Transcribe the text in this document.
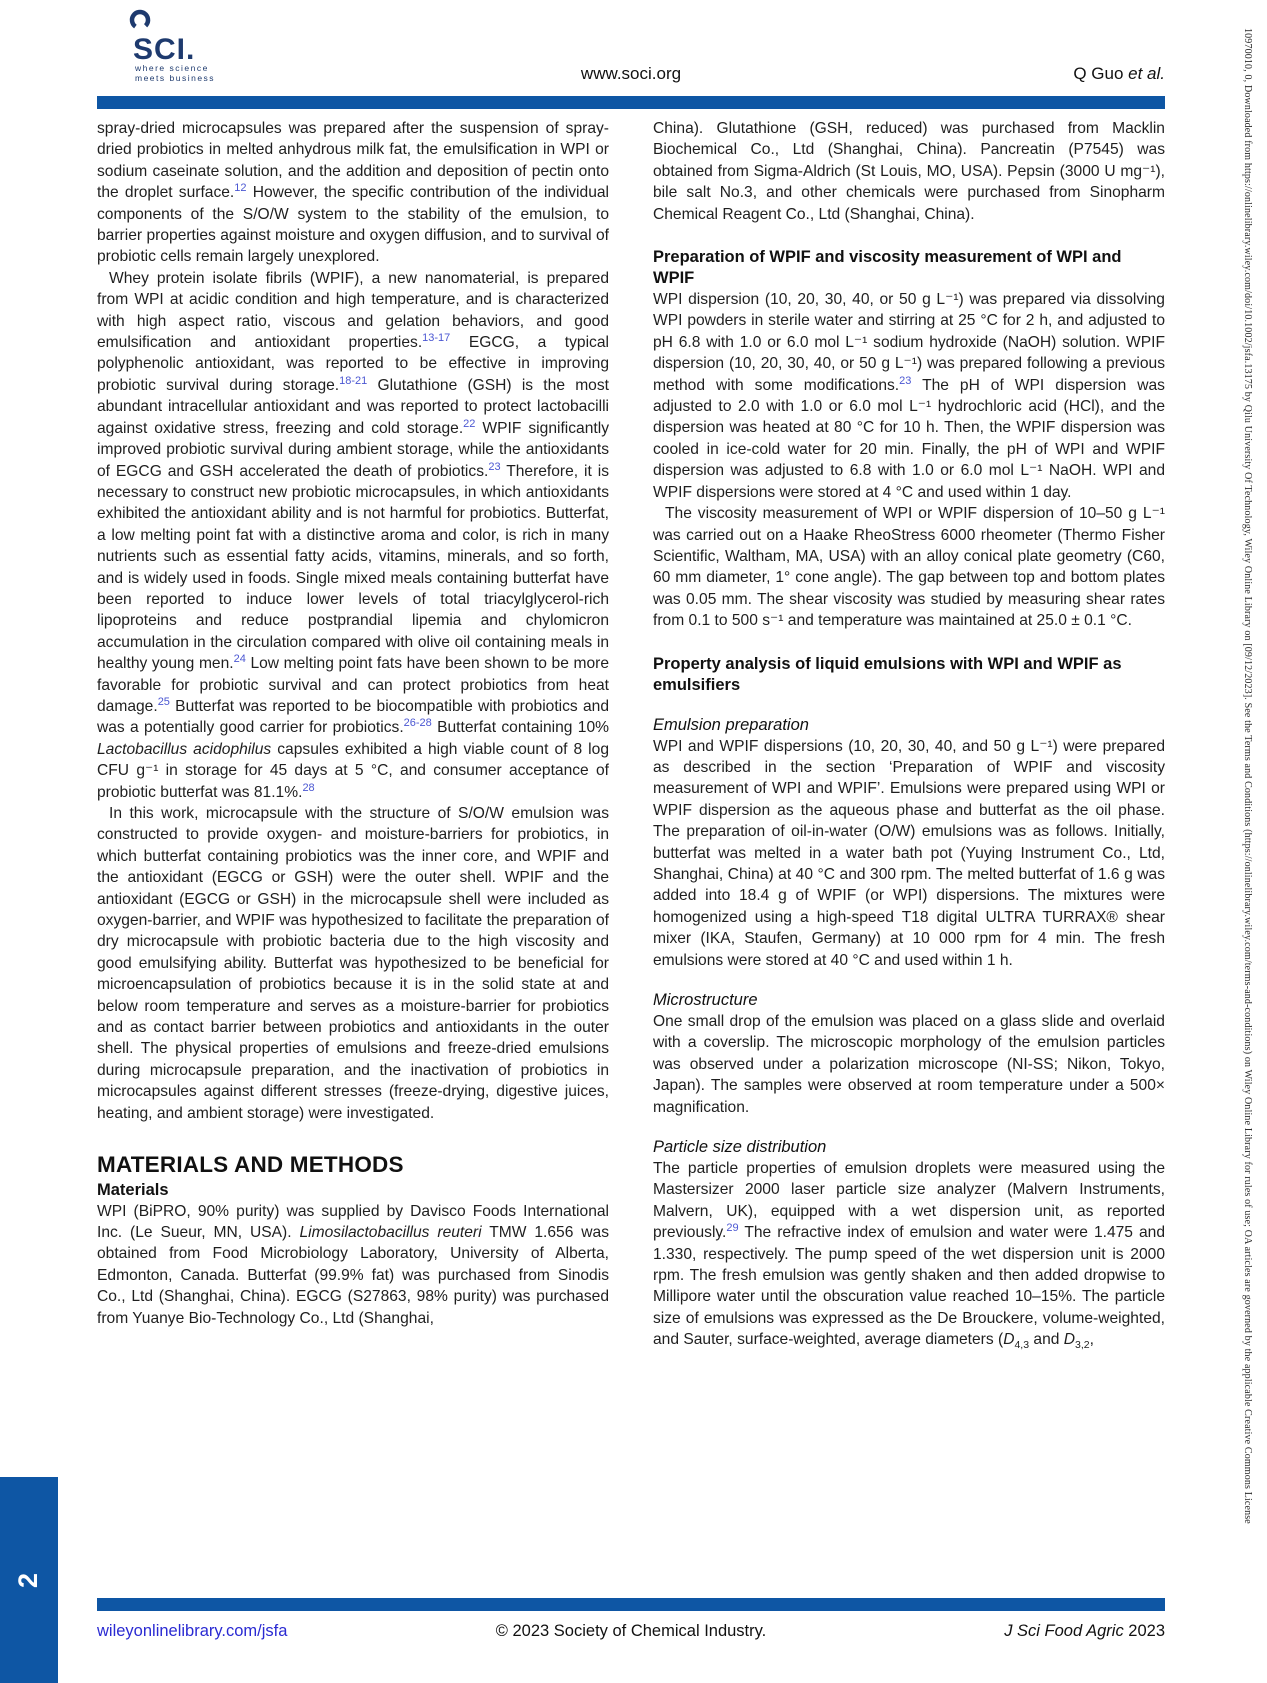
SCI.
where science
meets business	www.soci.org	Q Guo et al.

spray-dried microcapsules was prepared after the suspension of spray-dried probiotics in melted anhydrous milk fat, the emulsification in WPI or sodium caseinate solution, and the addition and deposition of pectin onto the droplet surface.$^{12}$ However, the specific contribution of the individual components of the S/O/W system to the stability of the emulsion, to barrier properties against moisture and oxygen diffusion, and to survival of probiotic cells remain largely unexplored.

Whey protein isolate fibrils (WPIF), a new nanomaterial, is prepared from WPI at acidic condition and high temperature, and is characterized with high aspect ratio, viscous and gelation behaviors, and good emulsification and antioxidant properties.$^{13-17}$ EGCG, a typical polyphenolic antioxidant, was reported to be effective in improving probiotic survival during storage.$^{18-21}$ Glutathione (GSH) is the most abundant intracellular antioxidant and was reported to protect lactobacilli against oxidative stress, freezing and cold storage.$^{22}$ WPIF significantly improved probiotic survival during ambient storage, while the antioxidants of EGCG and GSH accelerated the death of probiotics.$^{23}$ Therefore, it is necessary to construct new probiotic microcapsules, in which antioxidants exhibited the antioxidant ability and is not harmful for probiotics. Butterfat, a low melting point fat with a distinctive aroma and color, is rich in many nutrients such as essential fatty acids, vitamins, minerals, and so forth, and is widely used in foods. Single mixed meals containing butterfat have been reported to induce lower levels of total triacylglycerol-rich lipoproteins and reduce postprandial lipemia and chylomicron accumulation in the circulation compared with olive oil containing meals in healthy young men.$^{24}$ Low melting point fats have been shown to be more favorable for probiotic survival and can protect probiotics from heat damage.$^{25}$ Butterfat was reported to be biocompatible with probiotics and was a potentially good carrier for probiotics.$^{26-28}$ Butterfat containing 10% Lactobacillus acidophilus capsules exhibited a high viable count of 8 log CFU g⁻¹ in storage for 45 days at 5 °C, and consumer acceptance of probiotic butterfat was 81.1%.$^{28}$

In this work, microcapsule with the structure of S/O/W emulsion was constructed to provide oxygen- and moisture-barriers for probiotics, in which butterfat containing probiotics was the inner core, and WPIF and the antioxidant (EGCG or GSH) were the outer shell. WPIF and the antioxidant (EGCG or GSH) in the microcapsule shell were included as oxygen-barrier, and WPIF was hypothesized to facilitate the preparation of dry microcapsule with probiotic bacteria due to the high viscosity and good emulsifying ability. Butterfat was hypothesized to be beneficial for microencapsulation of probiotics because it is in the solid state at and below room temperature and serves as a moisture-barrier for probiotics and as contact barrier between probiotics and antioxidants in the outer shell. The physical properties of emulsions and freeze-dried emulsions during microcapsule preparation, and the inactivation of probiotics in microcapsules against different stresses (freeze-drying, digestive juices, heating, and ambient storage) were investigated.

MATERIALS AND METHODS
Materials

WPI (BiPRO, 90% purity) was supplied by Davisco Foods International Inc. (Le Sueur, MN, USA). Limosilactobacillus reuteri TMW 1.656 was obtained from Food Microbiology Laboratory, University of Alberta, Edmonton, Canada. Butterfat (99.9% fat) was purchased from Sinodis Co., Ltd (Shanghai, China). EGCG (S27863, 98% purity) was purchased from Yuanye Bio-Technology Co., Ltd (Shanghai,

China). Glutathione (GSH, reduced) was purchased from Macklin Biochemical Co., Ltd (Shanghai, China). Pancreatin (P7545) was obtained from Sigma-Aldrich (St Louis, MO, USA). Pepsin (3000 U mg⁻¹), bile salt No.3, and other chemicals were purchased from Sinopharm Chemical Reagent Co., Ltd (Shanghai, China).

Preparation of WPIF and viscosity measurement of WPI and WPIF

WPI dispersion (10, 20, 30, 40, or 50 g L⁻¹) was prepared via dissolving WPI powders in sterile water and stirring at 25 °C for 2 h, and adjusted to pH 6.8 with 1.0 or 6.0 mol L⁻¹ sodium hydroxide (NaOH) solution. WPIF dispersion (10, 20, 30, 40, or 50 g L⁻¹) was prepared following a previous method with some modifications.$^{23}$ The pH of WPI dispersion was adjusted to 2.0 with 1.0 or 6.0 mol L⁻¹ hydrochloric acid (HCl), and the dispersion was heated at 80 °C for 10 h. Then, the WPIF dispersion was cooled in ice-cold water for 20 min. Finally, the pH of WPI and WPIF dispersion was adjusted to 6.8 with 1.0 or 6.0 mol L⁻¹ NaOH. WPI and WPIF dispersions were stored at 4 °C and used within 1 day.

The viscosity measurement of WPI or WPIF dispersion of 10–50 g L⁻¹ was carried out on a Haake RheoStress 6000 rheometer (Thermo Fisher Scientific, Waltham, MA, USA) with an alloy conical plate geometry (C60, 60 mm diameter, 1° cone angle). The gap between top and bottom plates was 0.05 mm. The shear viscosity was studied by measuring shear rates from 0.1 to 500 s⁻¹ and temperature was maintained at 25.0 ± 0.1 °C.

Property analysis of liquid emulsions with WPI and WPIF as emulsifiers
Emulsion preparation

WPI and WPIF dispersions (10, 20, 30, 40, and 50 g L⁻¹) were prepared as described in the section ‘Preparation of WPIF and viscosity measurement of WPI and WPIF’. Emulsions were prepared using WPI or WPIF dispersion as the aqueous phase and butterfat as the oil phase. The preparation of oil-in-water (O/W) emulsions was as follows. Initially, butterfat was melted in a water bath pot (Yuying Instrument Co., Ltd, Shanghai, China) at 40 °C and 300 rpm. The melted butterfat of 1.6 g was added into 18.4 g of WPIF (or WPI) dispersions. The mixtures were homogenized using a high-speed T18 digital ULTRA TURRAX® shear mixer (IKA, Staufen, Germany) at 10 000 rpm for 4 min. The fresh emulsions were stored at 40 °C and used within 1 h.

Microstructure

One small drop of the emulsion was placed on a glass slide and overlaid with a coverslip. The microscopic morphology of the emulsion particles was observed under a polarization microscope (NI-SS; Nikon, Tokyo, Japan). The samples were observed at room temperature under a 500× magnification.

Particle size distribution

The particle properties of emulsion droplets were measured using the Mastersizer 2000 laser particle size analyzer (Malvern Instruments, Malvern, UK), equipped with a wet dispersion unit, as reported previously.$^{29}$ The refractive index of emulsion and water were 1.475 and 1.330, respectively. The pump speed of the wet dispersion unit is 2000 rpm. The fresh emulsion was gently shaken and then added dropwise to Millipore water until the obscuration value reached 10–15%. The particle size of emulsions was expressed as the De Brouckere, volume-weighted, and Sauter, surface-weighted, average diameters ($D_{4,3}$ and $D_{3,2}$,

wileyonlinelibrary.com/jsfa	© 2023 Society of Chemical Industry.	J Sci Food Agric 2023
2
10970010, 0, Downloaded from https://onlinelibrary.wiley.com/doi/10.1002/jsfa.13175 by Qilu University Of Technology, Wiley Online Library on [09/12/2023]. See the Terms and Conditions (https://onlinelibrary.wiley.com/terms-and-conditions) on Wiley Online Library for rules of use; OA articles are governed by the applicable Creative Commons License
